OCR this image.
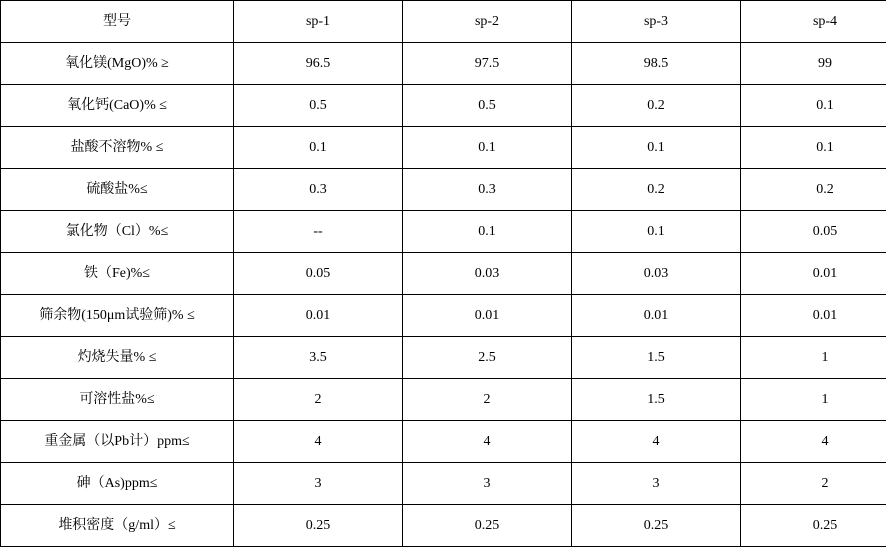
型号	sp-1	sp-2	sp-3	sp-4
氧化镁(MgO)% ≥	96.5	97.5	98.5	99
氧化钙(CaO)% ≤	0.5	0.5	0.2	0.1
盐酸不溶物% ≤	0.1	0.1	0.1	0.1
硫酸盐%≤	0.3	0.3	0.2	0.2
氯化物（Cl）%≤	--	0.1	0.1	0.05
铁（Fe)%≤	0.05	0.03	0.03	0.01
筛余物(150μm试验筛)% ≤	0.01	0.01	0.01	0.01
灼烧失量% ≤	3.5	2.5	1.5	1
可溶性盐%≤	2	2	1.5	1
重金属（以Pb计）ppm≤	4	4	4	4
砷（As)ppm≤	3	3	3	2
堆积密度（g/ml）≤	0.25	0.25	0.25	0.25
